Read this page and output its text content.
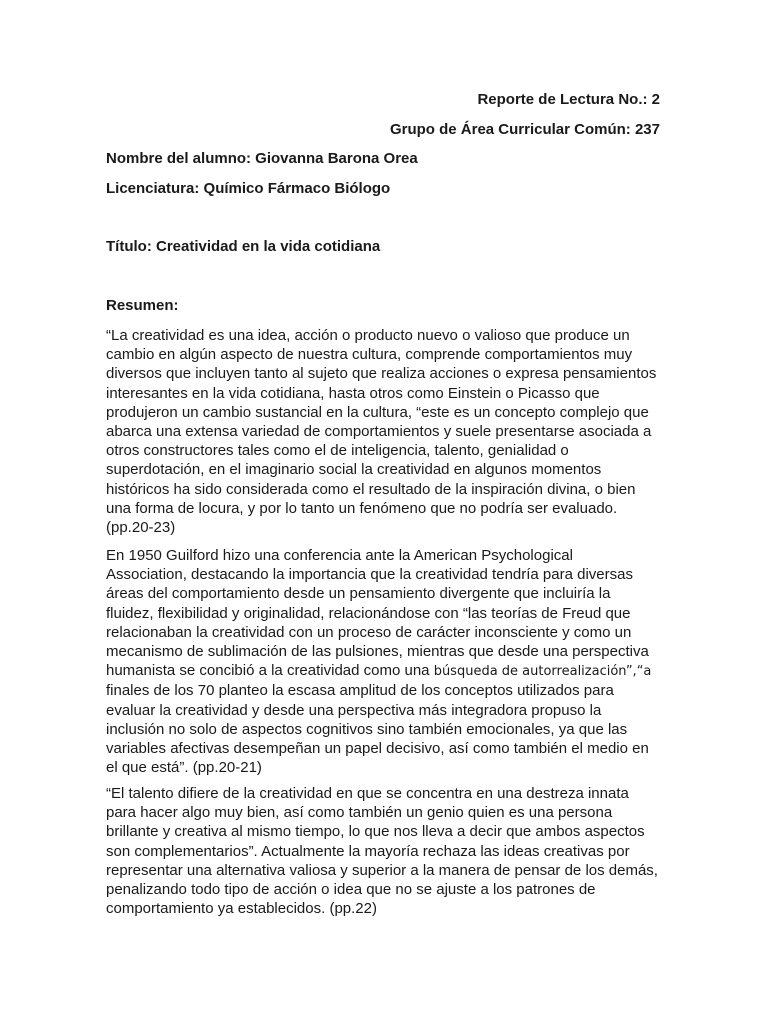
Reporte de Lectura No.: 2
Grupo de Área Curricular Común: 237
Nombre del alumno: Giovanna Barona Orea
Licenciatura: Químico Fármaco Biólogo
Título: Creatividad en la vida cotidiana
Resumen:

“La creatividad es una idea, acción o producto nuevo o valioso que produce un

cambio en algún aspecto de nuestra cultura, comprende comportamientos muy

diversos que incluyen tanto al sujeto que realiza acciones o expresa pensamientos

interesantes en la vida cotidiana, hasta otros como Einstein o Picasso que

produjeron un cambio sustancial en la cultura, “este es un concepto complejo que

abarca una extensa variedad de comportamientos y suele presentarse asociada a

otros constructores tales como el de inteligencia, talento, genialidad o

superdotación, en el imaginario social la creatividad en algunos momentos

históricos ha sido considerada como el resultado de la inspiración divina, o bien

una forma de locura, y por lo tanto un fenómeno que no podría ser evaluado.

(pp.20-23)

En 1950 Guilford hizo una conferencia ante la American Psychological

Association, destacando la importancia que la creatividad tendría para diversas

áreas del comportamiento desde un pensamiento divergente que incluiría la

fluidez, flexibilidad y originalidad, relacionándose con “las teorías de Freud que

relacionaban la creatividad con un proceso de carácter inconsciente y como un

mecanismo de sublimación de las pulsiones, mientras que desde una perspectiva

humanista se concibió a la creatividad como una búsqueda de autorrealización”,“a

finales de los 70 planteo la escasa amplitud de los conceptos utilizados para

evaluar la creatividad y desde una perspectiva más integradora propuso la

inclusión no solo de aspectos cognitivos sino también emocionales, ya que las

variables afectivas desempeñan un papel decisivo, así como también el medio en

el que está”. (pp.20-21)

“El talento difiere de la creatividad en que se concentra en una destreza innata

para hacer algo muy bien, así como también un genio quien es una persona

brillante y creativa al mismo tiempo, lo que nos lleva a decir que ambos aspectos

son complementarios”. Actualmente la mayoría rechaza las ideas creativas por

representar una alternativa valiosa y superior a la manera de pensar de los demás,

penalizando todo tipo de acción o idea que no se ajuste a los patrones de

comportamiento ya establecidos. (pp.22)
